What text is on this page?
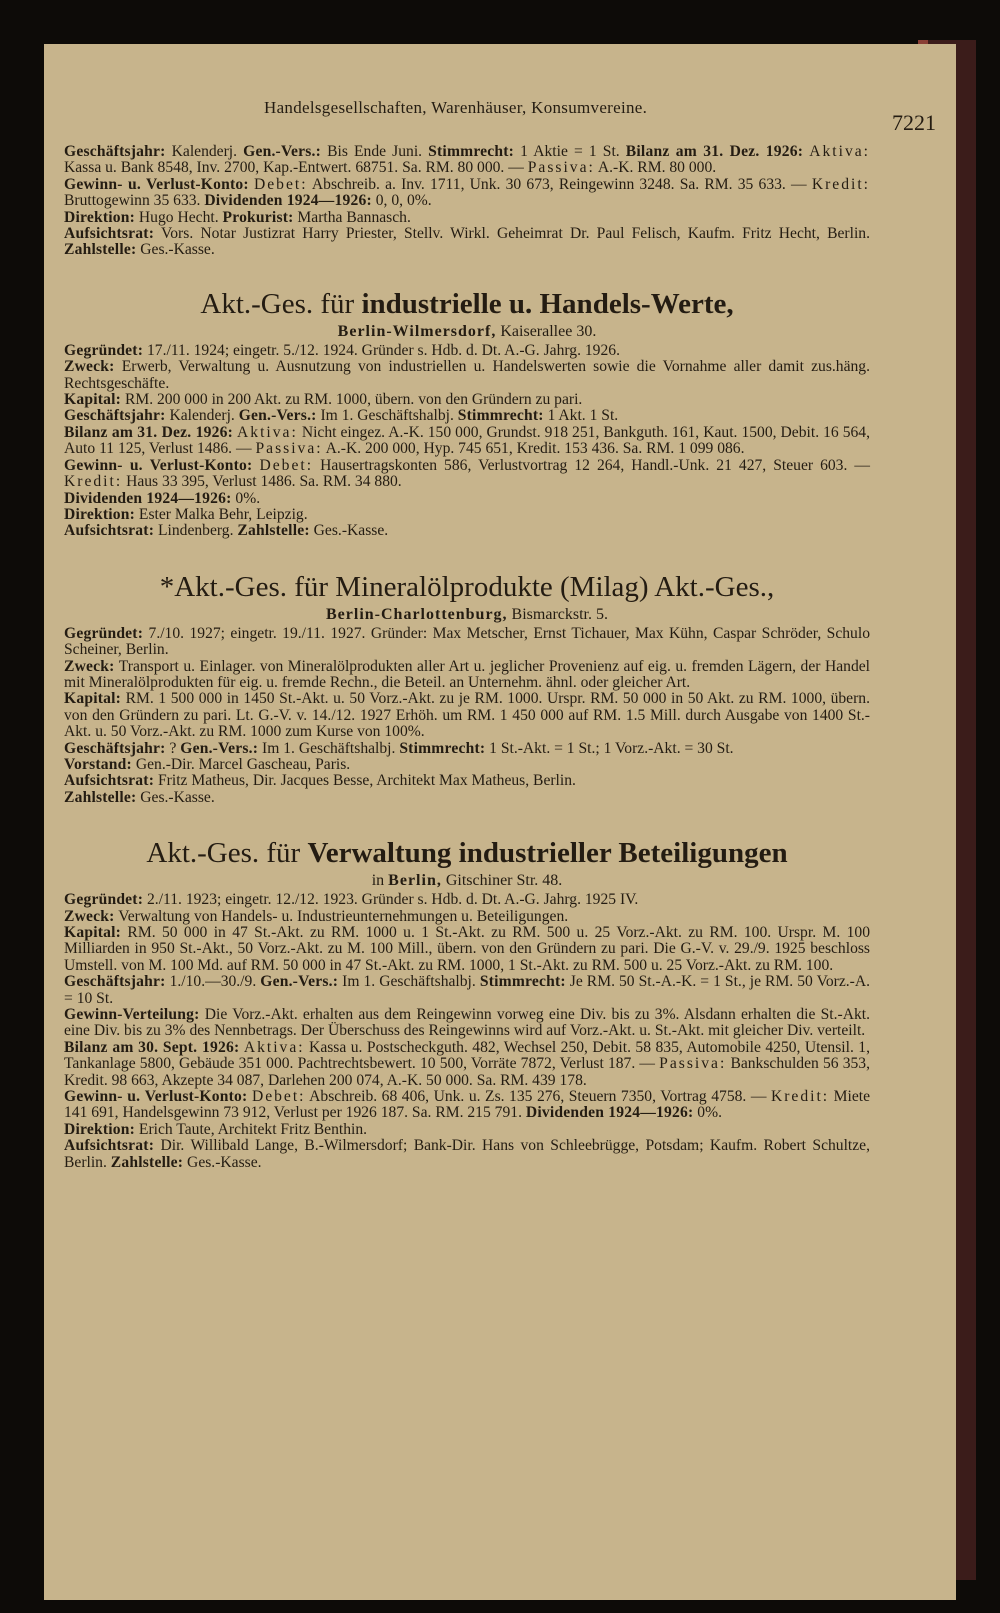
Handelsgesellschaften, Warenhäuser, Konsumvereine.
7221

Geschäftsjahr: Kalenderj. Gen.-Vers.: Bis Ende Juni. Stimmrecht: 1 Aktie = 1 St. Bilanz am 31. Dez. 1926: Aktiva: Kassa u. Bank 8548, Inv. 2700, Kap.-Entwert. 68751. Sa. RM. 80 000. — Passiva: A.-K. RM. 80 000.

Gewinn- u. Verlust-Konto: Debet: Abschreib. a. Inv. 1711, Unk. 30 673, Reingewinn 3248. Sa. RM. 35 633. — Kredit: Bruttogewinn 35 633. Dividenden 1924—1926: 0, 0, 0%.

Direktion: Hugo Hecht. Prokurist: Martha Bannasch.

Aufsichtsrat: Vors. Notar Justizrat Harry Priester, Stellv. Wirkl. Geheimrat Dr. Paul Felisch, Kaufm. Fritz Hecht, Berlin. Zahlstelle: Ges.-Kasse.

Akt.-Ges. für industrielle u. Handels-Werte,
Berlin-Wilmersdorf, Kaiserallee 30.

Gegründet: 17./11. 1924; eingetr. 5./12. 1924. Gründer s. Hdb. d. Dt. A.-G. Jahrg. 1926.

Zweck: Erwerb, Verwaltung u. Ausnutzung von industriellen u. Handelswerten sowie die Vornahme aller damit zus.häng. Rechtsgeschäfte.

Kapital: RM. 200 000 in 200 Akt. zu RM. 1000, übern. von den Gründern zu pari.

Geschäftsjahr: Kalenderj. Gen.-Vers.: Im 1. Geschäftshalbj. Stimmrecht: 1 Akt. 1 St.

Bilanz am 31. Dez. 1926: Aktiva: Nicht eingez. A.-K. 150 000, Grundst. 918 251, Bankguth. 161, Kaut. 1500, Debit. 16 564, Auto 11 125, Verlust 1486. — Passiva: A.-K. 200 000, Hyp. 745 651, Kredit. 153 436. Sa. RM. 1 099 086.

Gewinn- u. Verlust-Konto: Debet: Hausertragskonten 586, Verlustvortrag 12 264, Handl.-Unk. 21 427, Steuer 603. — Kredit: Haus 33 395, Verlust 1486. Sa. RM. 34 880.

Dividenden 1924—1926: 0%.

Direktion: Ester Malka Behr, Leipzig.

Aufsichtsrat: Lindenberg. Zahlstelle: Ges.-Kasse.

*Akt.-Ges. für Mineralölprodukte (Milag) Akt.-Ges.,
Berlin-Charlottenburg, Bismarckstr. 5.

Gegründet: 7./10. 1927; eingetr. 19./11. 1927. Gründer: Max Metscher, Ernst Tichauer, Max Kühn, Caspar Schröder, Schulo Scheiner, Berlin.

Zweck: Transport u. Einlager. von Mineralölprodukten aller Art u. jeglicher Provenienz auf eig. u. fremden Lägern, der Handel mit Mineralölprodukten für eig. u. fremde Rechn., die Beteil. an Unternehm. ähnl. oder gleicher Art.

Kapital: RM. 1 500 000 in 1450 St.-Akt. u. 50 Vorz.-Akt. zu je RM. 1000. Urspr. RM. 50 000 in 50 Akt. zu RM. 1000, übern. von den Gründern zu pari. Lt. G.-V. v. 14./12. 1927 Erhöh. um RM. 1 450 000 auf RM. 1.5 Mill. durch Ausgabe von 1400 St.-Akt. u. 50 Vorz.-Akt. zu RM. 1000 zum Kurse von 100%.

Geschäftsjahr: ? Gen.-Vers.: Im 1. Geschäftshalbj. Stimmrecht: 1 St.-Akt. = 1 St.; 1 Vorz.-Akt. = 30 St.

Vorstand: Gen.-Dir. Marcel Gascheau, Paris.

Aufsichtsrat: Fritz Matheus, Dir. Jacques Besse, Architekt Max Matheus, Berlin.

Zahlstelle: Ges.-Kasse.

Akt.-Ges. für Verwaltung industrieller Beteiligungen
in Berlin, Gitschiner Str. 48.

Gegründet: 2./11. 1923; eingetr. 12./12. 1923. Gründer s. Hdb. d. Dt. A.-G. Jahrg. 1925 IV.

Zweck: Verwaltung von Handels- u. Industrieunternehmungen u. Beteiligungen.

Kapital: RM. 50 000 in 47 St.-Akt. zu RM. 1000 u. 1 St.-Akt. zu RM. 500 u. 25 Vorz.-Akt. zu RM. 100. Urspr. M. 100 Milliarden in 950 St.-Akt., 50 Vorz.-Akt. zu M. 100 Mill., übern. von den Gründern zu pari. Die G.-V. v. 29./9. 1925 beschloss Umstell. von M. 100 Md. auf RM. 50 000 in 47 St.-Akt. zu RM. 1000, 1 St.-Akt. zu RM. 500 u. 25 Vorz.-Akt. zu RM. 100.

Geschäftsjahr: 1./10.—30./9. Gen.-Vers.: Im 1. Geschäftshalbj. Stimmrecht: Je RM. 50 St.-A.-K. = 1 St., je RM. 50 Vorz.-A. = 10 St.

Gewinn-Verteilung: Die Vorz.-Akt. erhalten aus dem Reingewinn vorweg eine Div. bis zu 3%. Alsdann erhalten die St.-Akt. eine Div. bis zu 3% des Nennbetrags. Der Überschuss des Reingewinns wird auf Vorz.-Akt. u. St.-Akt. mit gleicher Div. verteilt.

Bilanz am 30. Sept. 1926: Aktiva: Kassa u. Postscheckguth. 482, Wechsel 250, Debit. 58 835, Automobile 4250, Utensil. 1, Tankanlage 5800, Gebäude 351 000. Pachtrechtsbewert. 10 500, Vorräte 7872, Verlust 187. — Passiva: Bankschulden 56 353, Kredit. 98 663, Akzepte 34 087, Darlehen 200 074, A.-K. 50 000. Sa. RM. 439 178.

Gewinn- u. Verlust-Konto: Debet: Abschreib. 68 406, Unk. u. Zs. 135 276, Steuern 7350, Vortrag 4758. — Kredit: Miete 141 691, Handelsgewinn 73 912, Verlust per 1926 187. Sa. RM. 215 791. Dividenden 1924—1926: 0%.

Direktion: Erich Taute, Architekt Fritz Benthin.

Aufsichtsrat: Dir. Willibald Lange, B.-Wilmersdorf; Bank-Dir. Hans von Schleebrügge, Potsdam; Kaufm. Robert Schultze, Berlin. Zahlstelle: Ges.-Kasse.
